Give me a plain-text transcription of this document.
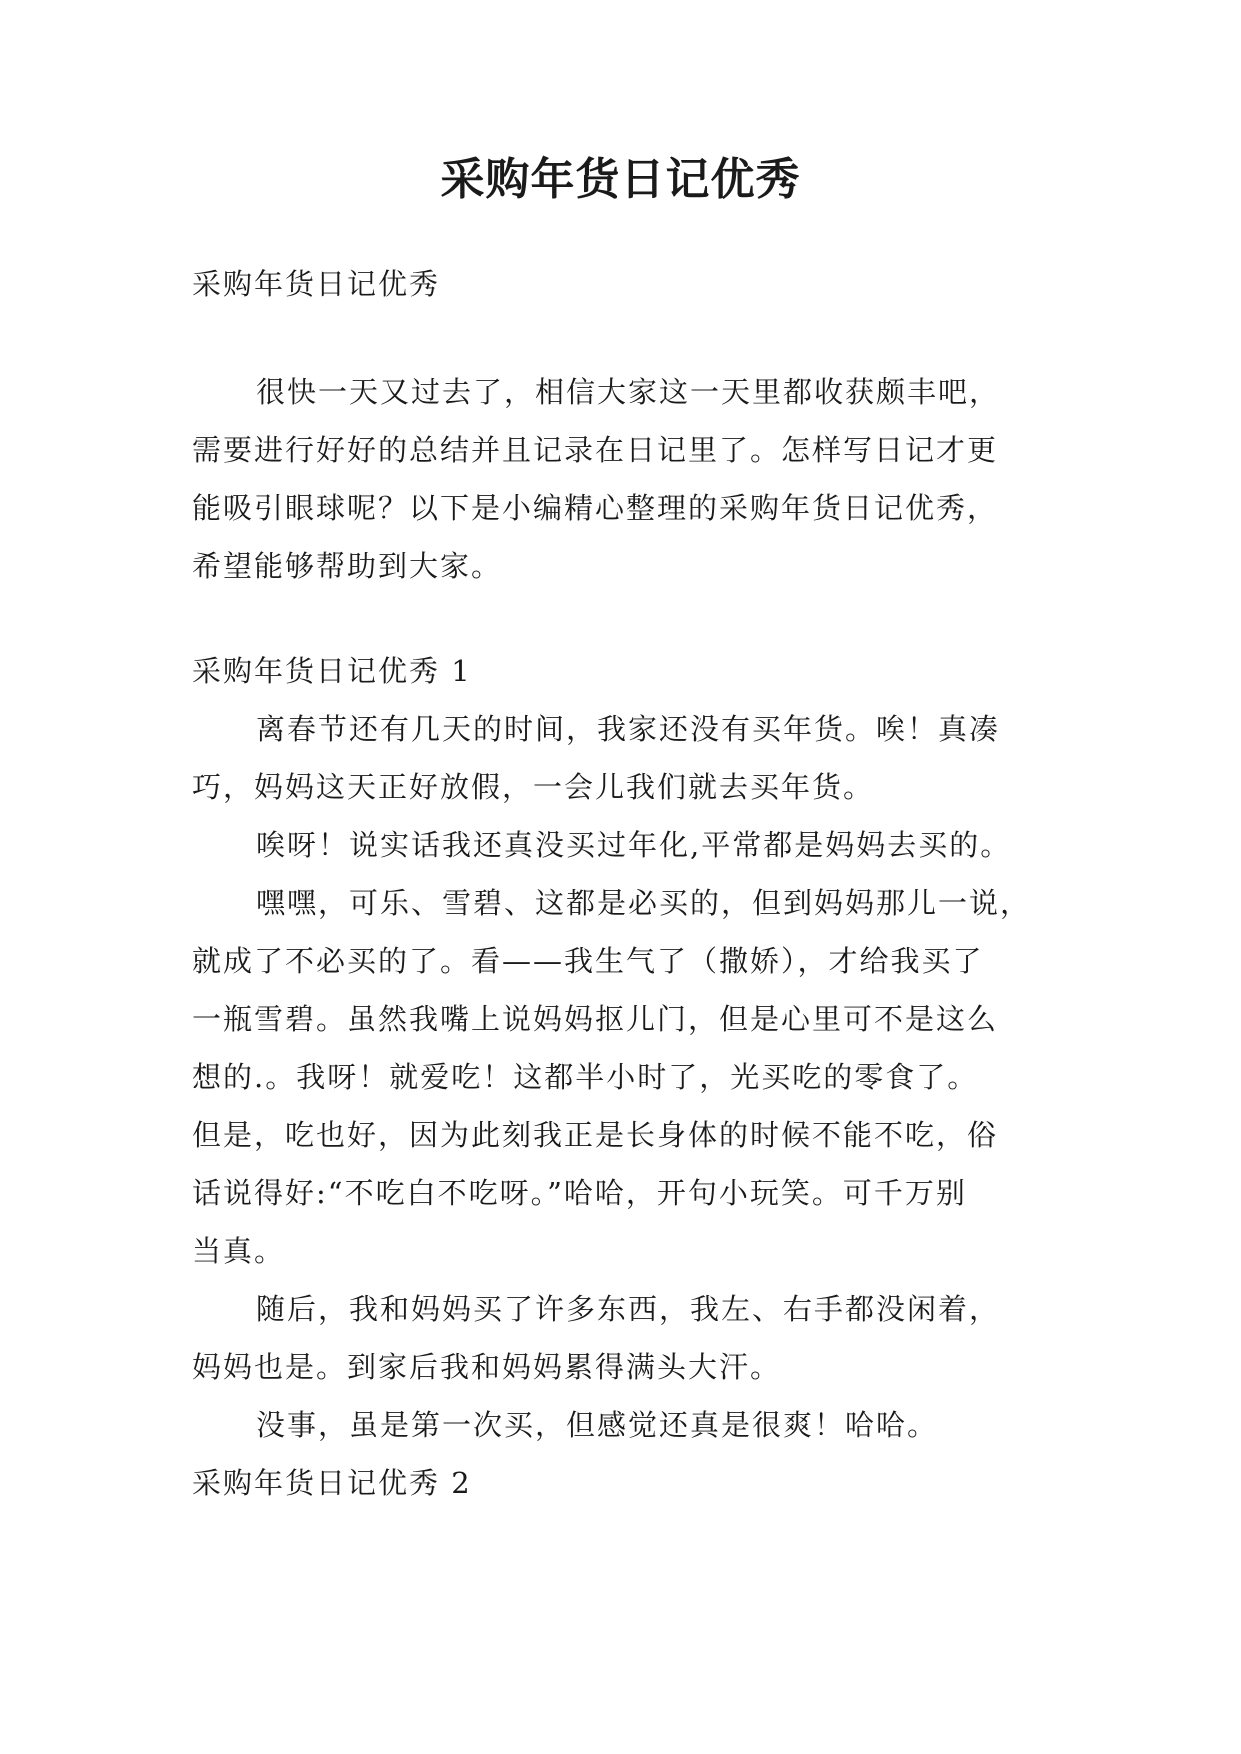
采购年货日记优秀
采购年货日记优秀
很快一天又过去了，相信大家这一天里都收获颇丰吧，
需要进行好好的总结并且记录在日记里了。怎样写日记才更
能吸引眼球呢？以下是小编精心整理的采购年货日记优秀，
希望能够帮助到大家。
采购年货日记优秀 1
离春节还有几天的时间，我家还没有买年货。唉！真凑
巧，妈妈这天正好放假，一会儿我们就去买年货。
唉呀！说实话我还真没买过年化,平常都是妈妈去买的。
嘿嘿，可乐、雪碧、这都是必买的，但到妈妈那儿一说，
就成了不必买的了。看——我生气了（撒娇），才给我买了
一瓶雪碧。虽然我嘴上说妈妈抠儿门，但是心里可不是这么
想的.。我呀！就爱吃！这都半小时了，光买吃的零食了。
但是，吃也好，因为此刻我正是长身体的时候不能不吃，俗
话说得好:“不吃白不吃呀。”哈哈，开句小玩笑。可千万别
当真。
随后，我和妈妈买了许多东西，我左、右手都没闲着，
妈妈也是。到家后我和妈妈累得满头大汗。
没事，虽是第一次买，但感觉还真是很爽！哈哈。
采购年货日记优秀 2
